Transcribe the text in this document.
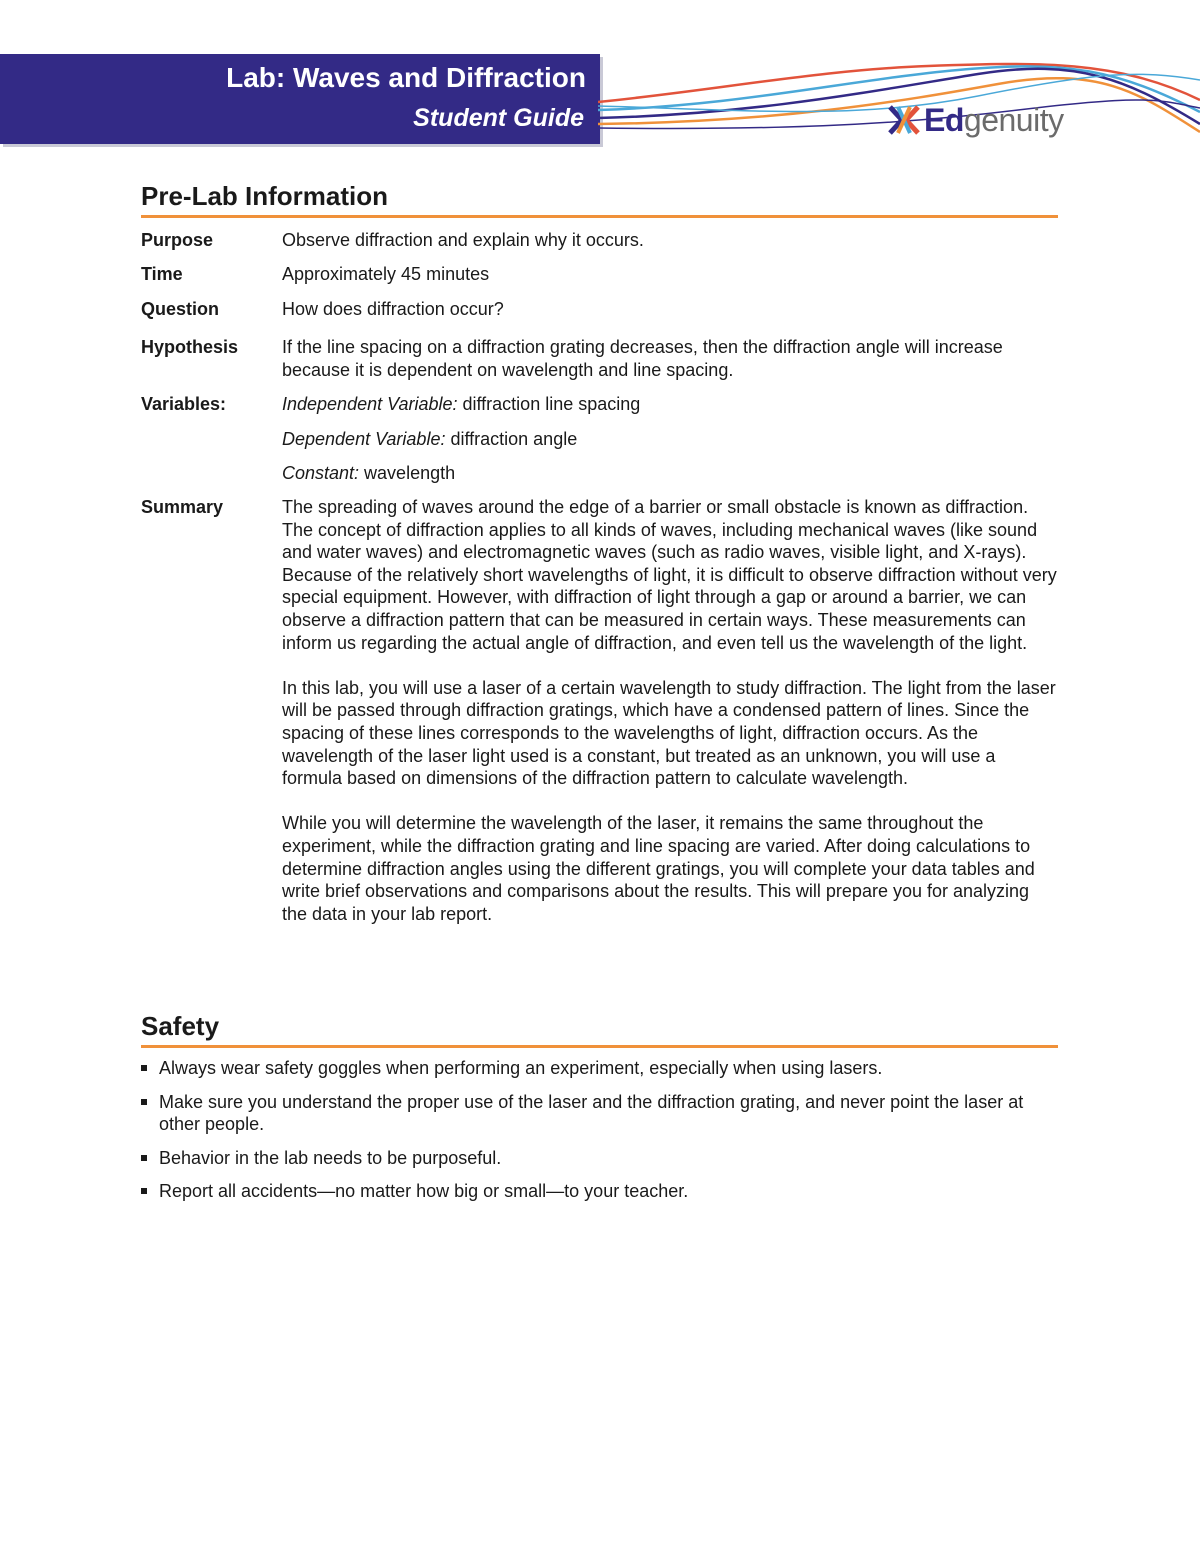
Lab: Waves and Diffraction
Student Guide	Edgenuity
Pre-Lab Information
Purpose	Observe diffraction and explain why it occurs.
Time	Approximately 45 minutes
Question	How does diffraction occur?
Hypothesis	If the line spacing on a diffraction grating decreases, then the diffraction angle will increase because it is dependent on wavelength and line spacing.
Variables:	Independent Variable: diffraction line spacing
Dependent Variable: diffraction angle
Constant: wavelength
Summary	The spreading of waves around the edge of a barrier or small obstacle is known as diffraction. The concept of diffraction applies to all kinds of waves, including mechanical waves (like sound and water waves) and electromagnetic waves (such as radio waves, visible light, and X-rays). Because of the relatively short wavelengths of light, it is difficult to observe diffraction without very special equipment. However, with diffraction of light through a gap or around a barrier, we can observe a diffraction pattern that can be measured in certain ways. These measurements can inform us regarding the actual angle of diffraction, and even tell us the wavelength of the light.

In this lab, you will use a laser of a certain wavelength to study diffraction. The light from the laser will be passed through diffraction gratings, which have a condensed pattern of lines. Since the spacing of these lines corresponds to the wavelengths of light, diffraction occurs. As the wavelength of the laser light used is a constant, but treated as an unknown, you will use a formula based on dimensions of the diffraction pattern to calculate wavelength.

While you will determine the wavelength of the laser, it remains the same throughout the experiment, while the diffraction grating and line spacing are varied. After doing calculations to determine diffraction angles using the different gratings, you will complete your data tables and write brief observations and comparisons about the results. This will prepare you for analyzing the data in your lab report.

Safety
Always wear safety goggles when performing an experiment, especially when using lasers.
Make sure you understand the proper use of the laser and the diffraction grating, and never point the laser at other people.
Behavior in the lab needs to be purposeful.
Report all accidents—no matter how big or small—to your teacher.
